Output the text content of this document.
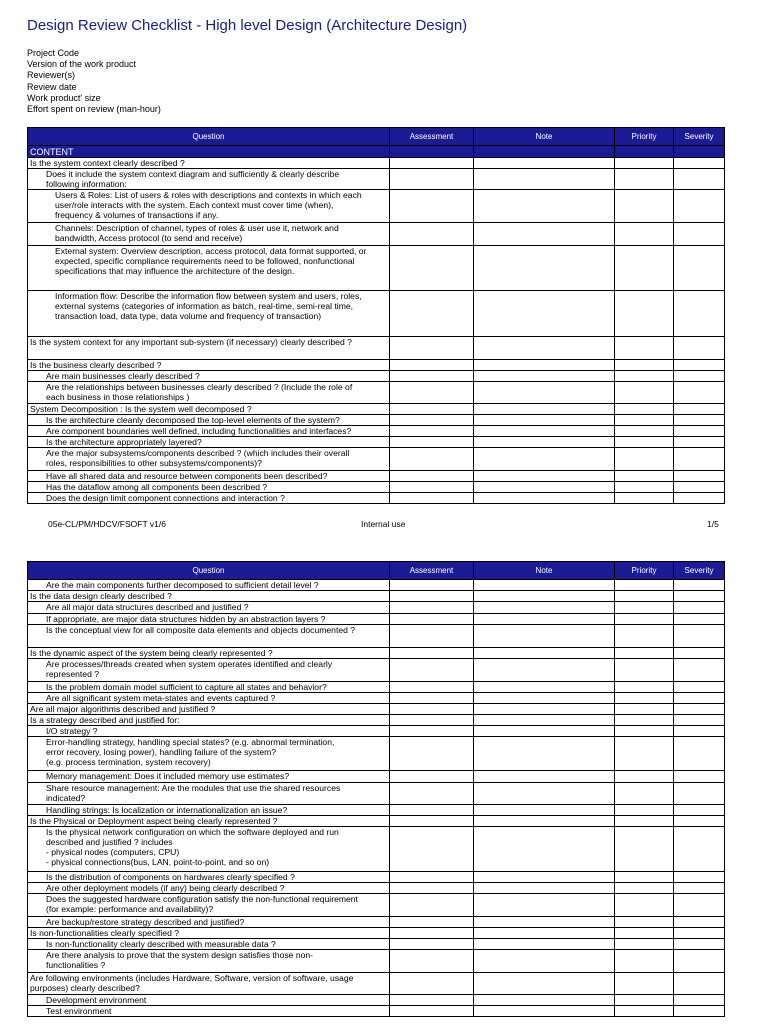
Design Review Checklist - High level Design (Architecture Design)
Project Code
Version of the work product
Reviewer(s)
Review date
Work product' size
Effort spent on review (man-hour)
Question	Assessment	Note	Priority	Severity
CONTENT				
Is the system context clearly described ?				
Does it include the system context diagram and sufficiently & clearly describe
following information:				
Users & Roles: List of users & roles with descriptions and contexts in which each
user/role interacts with the system. Each context must cover time (when),
frequency & volumes of transactions if any.				
Channels: Description of channel, types of roles & user use it, network and
bandwidth, Access protocol (to send and receive)				
External system: Overview description, access protocol, data format supported, or
expected, specific compliance requirements need to be followed, nonfunctional
specifications that may influence the architecture of the design.				
Information flow: Describe the information flow between system and users, roles,
external systems (categories of information as batch, real-time, semi-real time,
transaction load, data type, data volume and frequency of transaction)				
Is the system context for any important sub-system (if necessary) clearly described ?				
Is the business clearly described ?				
Are main businesses clearly described ?				
Are the relationships between businesses clearly described ? (Include the role of
each business in those relationships )				
System Decomposition : Is the system well decomposed ?				
Is the architecture cleanly decomposed the top-level elements of the system?				
Are component boundaries well defined, including functionalities and interfaces?				
Is the architecture appropriately layered?				
Are the major subsystems/components described ? (which includes their overall
roles, responsibilities to other subsystems/components)?				
Have all shared data and resource between components been described?				
Has the dataflow among all components been described ?				
Does the design limit component connections and interaction ?				
05e-CL/PM/HDCV/FSOFT v1/6	Internal use	1/5
Question	Assessment	Note	Priority	Severity
Are the main components further decomposed to sufficient detail level ?				
Is the data design clearly described ?				
Are all major data structures described and justified ?				
If appropriate, are major data structures hidden by an abstraction layers ?				
Is the conceptual view for all composite data elements and objects documented ?				
Is the dynamic aspect of the system being clearly represented ?				
Are processes/threads created when system operates identified and clearly
represented ?				
Is the problem domain model sufficient to capture all states and behavior?				
Are all significant system meta-states and events captured ?				
Are all major algorithms described and justified ?				
Is a strategy described and justified for:				
I/O strategy ?				
Error-handling strategy, handling special states? (e.g. abnormal termination,
error recovery, losing power), handling failure of the system?
(e.g. process termination, system recovery)				
Memory management: Does it included memory use estimates?				
Share resource management: Are the modules that use the shared resources
indicated?				
Handling strings: Is localization or internationalization an issue?				
Is the Physical or Deployment aspect being clearly represented ?				
Is the physical network configuration on which the software deployed and run
described and justified ? includes
- physical nodes (computers, CPU)
- physical connections(bus, LAN, point-to-point, and so on)				
Is the distribution of components on hardwares clearly specified ?				
Are other deployment models (if any) being clearly described ?				
Does the suggested hardware configuration satisfy the non-functional requirement
(for example: performance and availability)?				
Are backup/restore strategy described and justified?				
Is non-functionalities clearly specified ?				
Is non-functionality clearly described with measurable data ?				
Are there analysis to prove that the system design satisfies those non-
functionalities ?				
Are following environments (includes Hardware, Software, version of software, usage
purposes) clearly described?				
Development environment				
Test environment				
